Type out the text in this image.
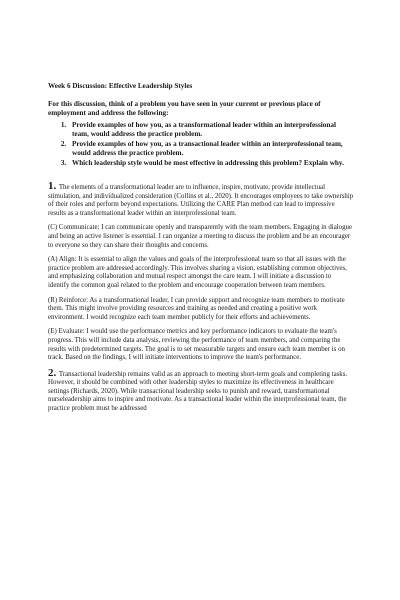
Week 6 Discussion: Effective Leadership Styles
For this discussion, think of a problem you have seen in your current or previous place of employment and address the following:
1. Provide examples of how you, as a transformational leader within an interprofessional team, would address the practice problem.
2. Provide examples of how you, as a transactional leader within an interprofessional team, would address the practice problem.
3. Which leadership style would be most effective in addressing this problem? Explain why.

1. The elements of a transformational leader are to influence, inspire, motivate, provide intellectual stimulation, and individualized consideration (Collins et al., 2020). It encourages employees to take ownership of their roles and perform beyond expectations. Utilizing the CARE Plan method can lead to impressive results as a transformational leader within an interprofessional team.

(C) Communicate: I can communicate openly and transparently with the team members. Engaging in dialogue and being an active listener is essential. I can organize a meeting to discuss the problem and be an encourager to everyone so they can share their thoughts and concerns.

(A) Align: It is essential to align the values and goals of the interprofessional team so that all issues with the practice problem are addressed accordingly. This involves sharing a vision, establishing common objectives, and emphasizing collaboration and mutual respect amongst the care team. I will initiate a discussion to identify the common goal related to the problem and encourage cooperation between team members.

(R) Reinforce: As a transformational leader, I can provide support and recognize team members to motivate them. This might involve providing resources and training as needed and creating a positive work environment. I would recognize each team member publicly for their efforts and achievements.

(E) Evaluate: I would use the performance metrics and key performance indicators to evaluate the team's progress. This will include data analysis, reviewing the performance of team members, and comparing the results with predetermined targets. The goal is to set measurable targets and ensure each team member is on track. Based on the findings, I will initiate interventions to improve the team's performance.

2. Transactional leadership remains valid as an approach to meeting short-term goals and completing tasks. However, it should be combined with other leadership styles to maximize its effectiveness in healthcare settings (Richards, 2020). While transactional leadership seeks to punish and reward, transformational nurseleadership aims to inspire and motivate. As a transactional leader within the interprofessional team, the practice problem must be addressed
